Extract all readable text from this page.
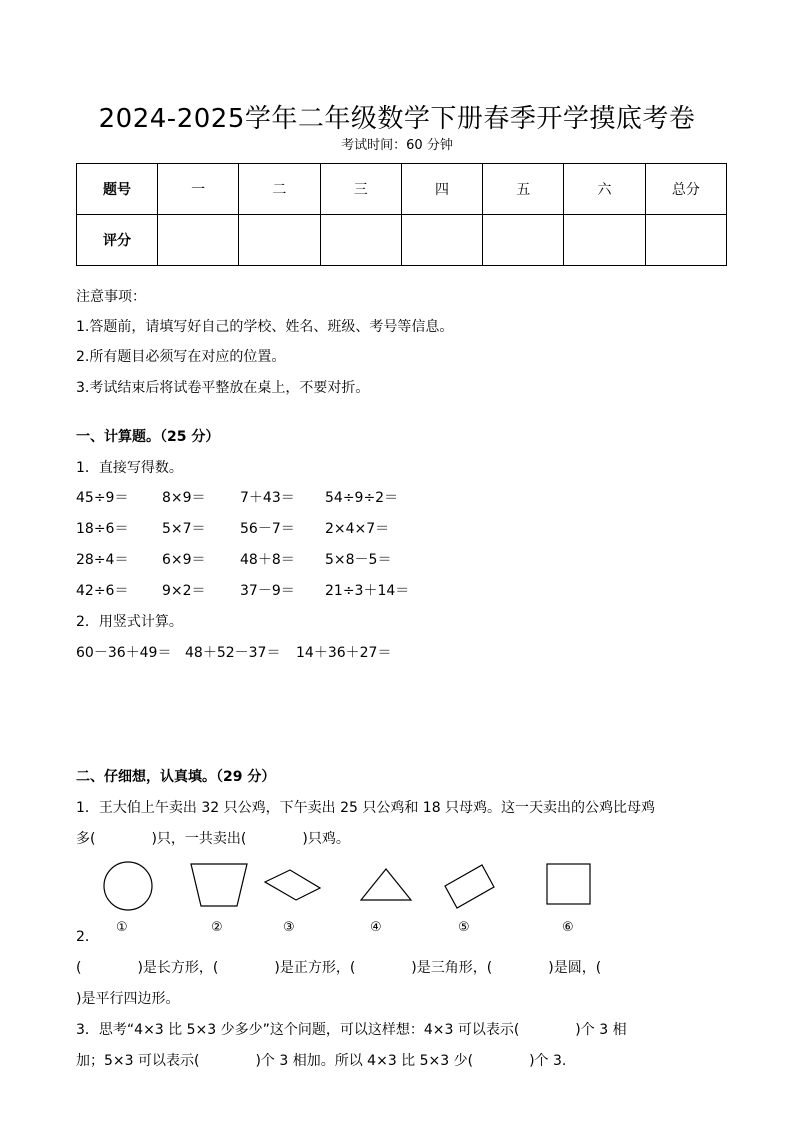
2024-2025学年二年级数学下册春季开学摸底考卷
考试时间：60 分钟
题号	一	二	三	四	五	六	总分
评分							
注意事项：
1.答题前，请填写好自己的学校、姓名、班级、考号等信息。
2.所有题目必须写在对应的位置。
3.考试结束后将试卷平整放在桌上，不要对折。
一、计算题。（25 分）
1．直接写得数。
45÷9＝ 8×9＝ 7＋43＝ 54÷9÷2＝
18÷6＝ 5×7＝ 56－7＝ 2×4×7＝
28÷4＝ 6×9＝ 48＋8＝ 5×8－5＝
42÷6＝ 9×2＝ 37－9＝ 21÷3＋14＝
2．用竖式计算。
60－36＋49＝ 48＋52－37＝ 14＋36＋27＝
二、仔细想，认真填。（29 分）
1．王大伯上午卖出 32 只公鸡，下午卖出 25 只公鸡和 18 只母鸡。这一天卖出的公鸡比母鸡
多(　　　　)只，一共卖出(　　　　)只鸡。
2．
①	②	③	④	⑤	⑥
(　　　　)是长方形，(　　　　)是正方形，(　　　　)是三角形，(　　　　)是圆，(
)是平行四边形。
3．思考“4×3 比 5×3 少多少”这个问题，可以这样想：4×3 可以表示(　　　　)个 3 相
加；5×3 可以表示(　　　　)个 3 相加。所以 4×3 比 5×3 少(　　　　)个 3.
